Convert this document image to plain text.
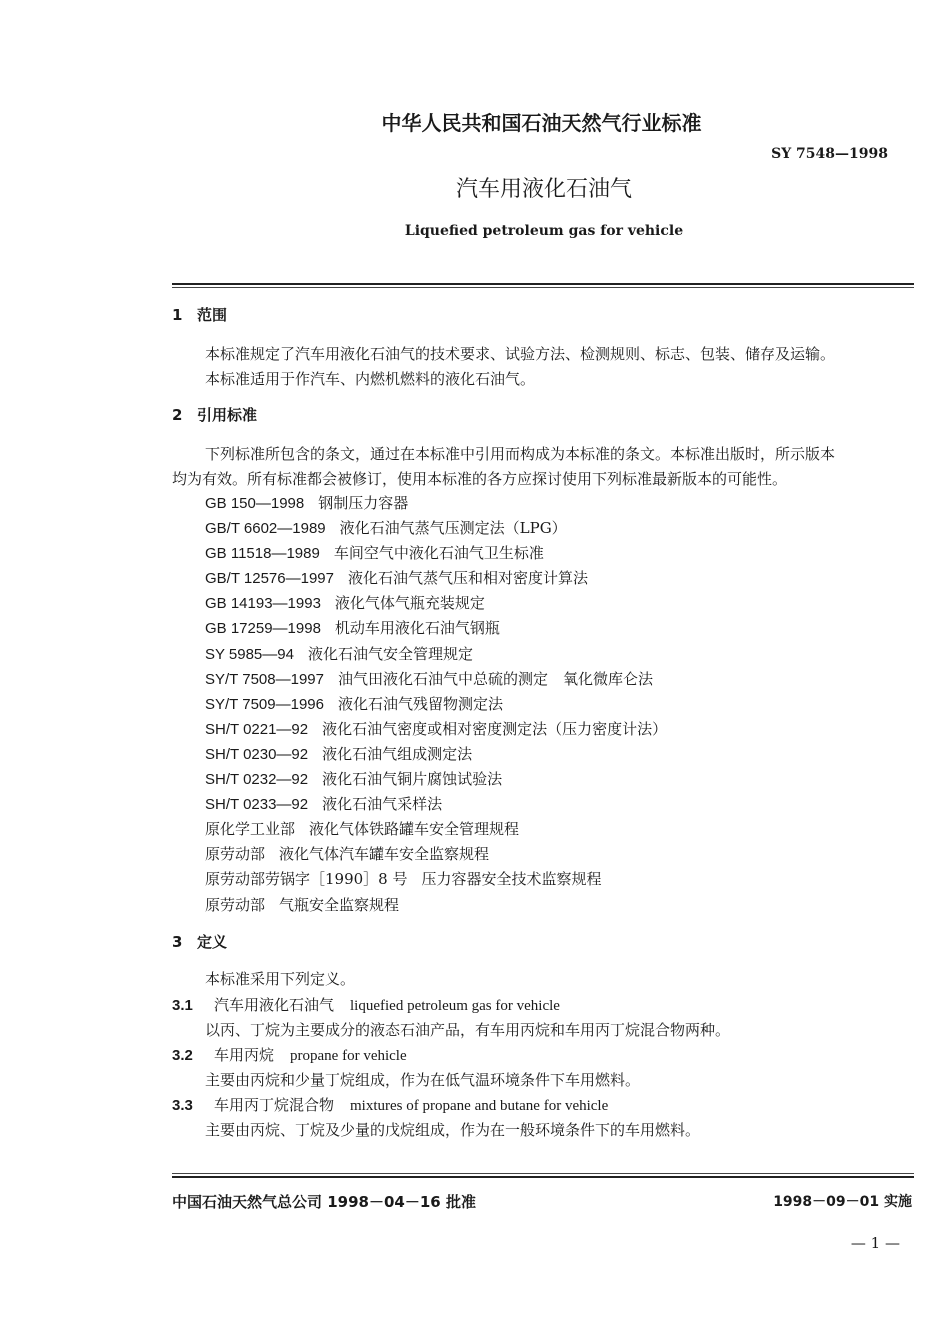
中华人民共和国石油天然气行业标准
SY 7548—1998
汽车用液化石油气
Liquefied petroleum gas for vehicle
1 范围
本标准规定了汽车用液化石油气的技术要求、试验方法、检测规则、标志、包装、储存及运输。
本标准适用于作汽车、内燃机燃料的液化石油气。
2 引用标准
下列标准所包含的条文，通过在本标准中引用而构成为本标准的条文。本标准出版时，所示版本
均为有效。所有标准都会被修订，使用本标准的各方应探讨使用下列标准最新版本的可能性。
GB 150—1998 钢制压力容器
GB/T 6602—1989 液化石油气蒸气压测定法（LPG）
GB 11518—1989 车间空气中液化石油气卫生标准
GB/T 12576—1997 液化石油气蒸气压和相对密度计算法
GB 14193—1993 液化气体气瓶充装规定
GB 17259—1998 机动车用液化石油气钢瓶
SY 5985—94 液化石油气安全管理规定
SY/T 7508—1997 油气田液化石油气中总硫的测定　氧化微库仑法
SY/T 7509—1996 液化石油气残留物测定法
SH/T 0221—92 液化石油气密度或相对密度测定法（压力密度计法）
SH/T 0230—92 液化石油气组成测定法
SH/T 0232—92 液化石油气铜片腐蚀试验法
SH/T 0233—92 液化石油气采样法
原化学工业部 液化气体铁路罐车安全管理规程
原劳动部 液化气体汽车罐车安全监察规程
原劳动部劳锅字［1990］8 号 压力容器安全技术监察规程
原劳动部 气瓶安全监察规程
3 定义
本标准采用下列定义。
3.1 汽车用液化石油气 liquefied petroleum gas for vehicle
以丙、丁烷为主要成分的液态石油产品，有车用丙烷和车用丙丁烷混合物两种。
3.2 车用丙烷 propane for vehicle
主要由丙烷和少量丁烷组成，作为在低气温环境条件下车用燃料。
3.3 车用丙丁烷混合物 mixtures of propane and butane for vehicle
主要由丙烷、丁烷及少量的戊烷组成，作为在一般环境条件下的车用燃料。
中国石油天然气总公司 1998－04－16 批准	1998－09－01 实施
— 1 —
